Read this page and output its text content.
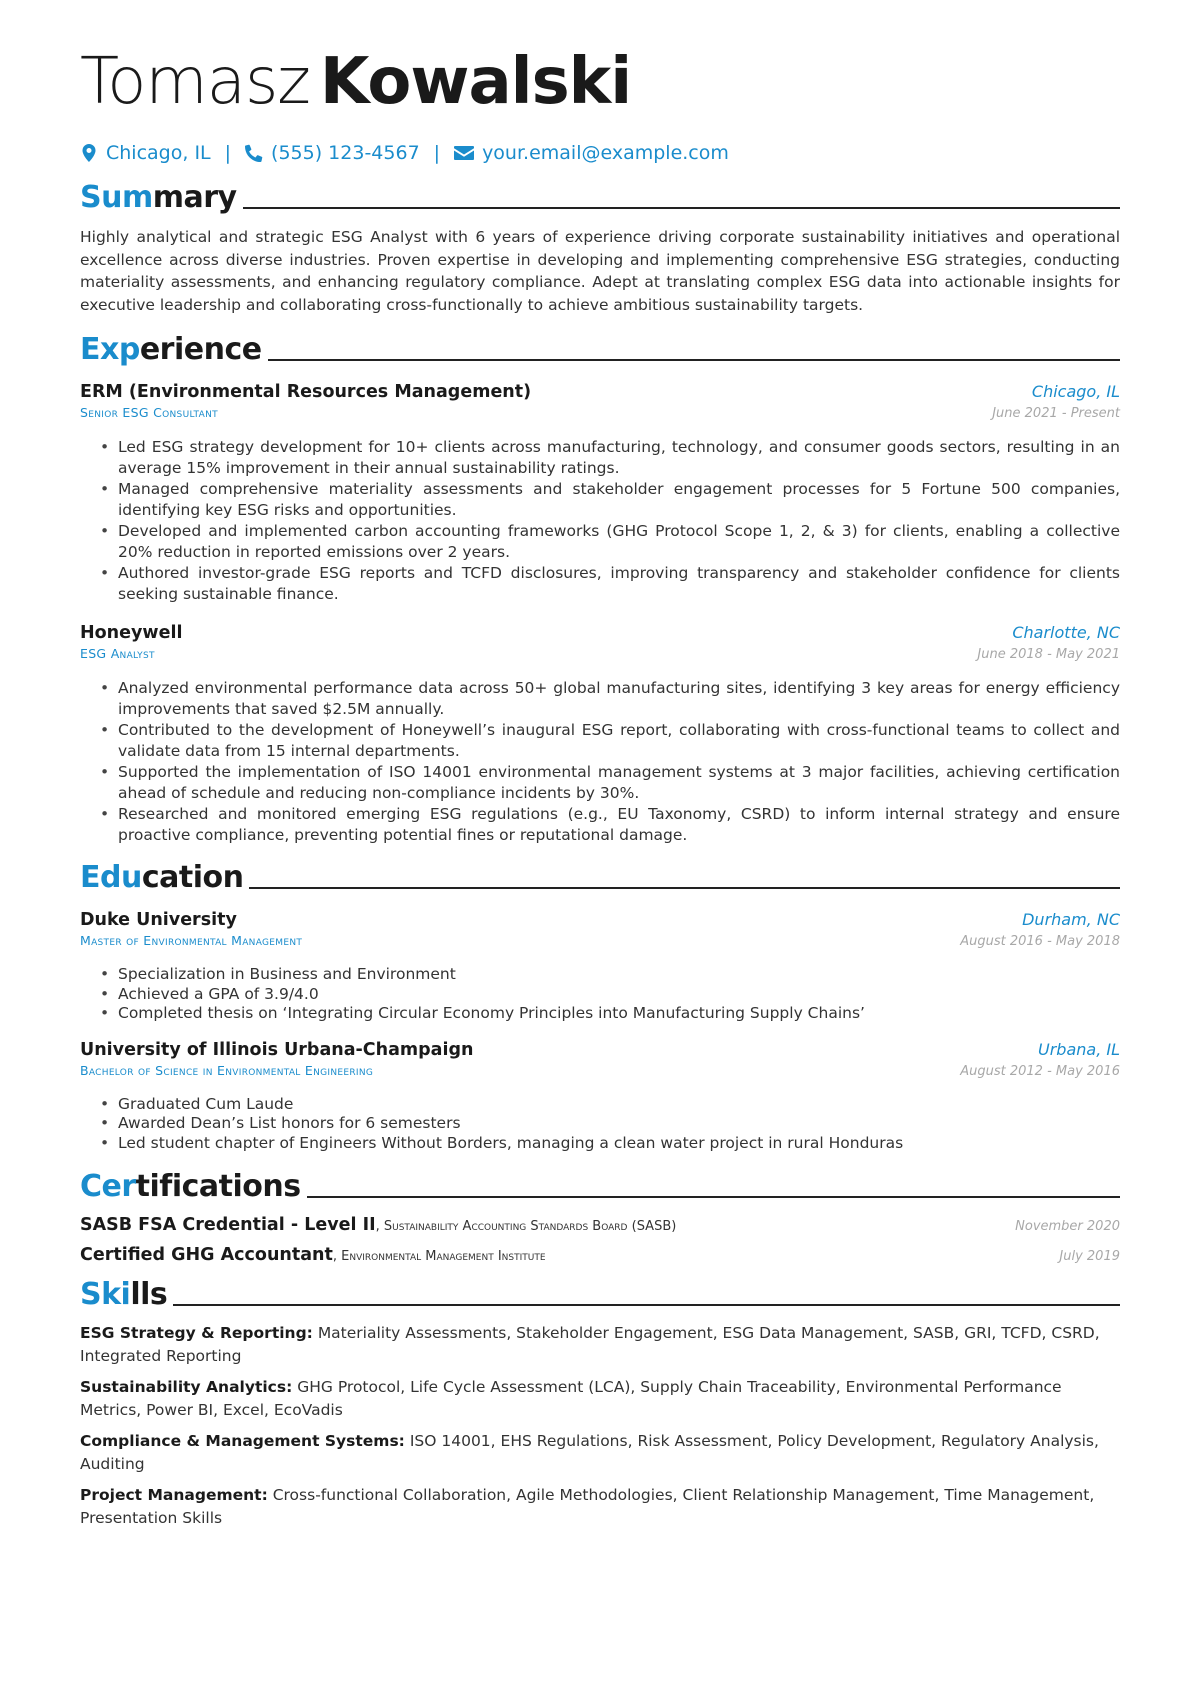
Tomasz Kowalski
Chicago, IL | (555) 123-4567 | your.email@example.com
Summary
Highly analytical and strategic ESG Analyst with 6 years of experience driving corporate sustainability initiatives and operational excellence across diverse industries. Proven expertise in developing and implementing comprehensive ESG strategies, conducting materiality assessments, and enhancing regulatory compliance. Adept at translating complex ESG data into actionable insights for executive leadership and collaborating cross-functionally to achieve ambitious sustainability targets.
Experience
ERM (Environmental Resources Management)	Chicago, IL
Senior ESG Consultant	June 2021 - Present
• Led ESG strategy development for 10+ clients across manufacturing, technology, and consumer goods sectors, resulting in an average 15% improvement in their annual sustainability ratings.
• Managed comprehensive materiality assessments and stakeholder engagement processes for 5 Fortune 500 companies, identifying key ESG risks and opportunities.
• Developed and implemented carbon accounting frameworks (GHG Protocol Scope 1, 2, & 3) for clients, enabling a collective 20% reduction in reported emissions over 2 years.
• Authored investor-grade ESG reports and TCFD disclosures, improving transparency and stakeholder confidence for clients seeking sustainable finance.
Honeywell	Charlotte, NC
ESG Analyst	June 2018 - May 2021
• Analyzed environmental performance data across 50+ global manufacturing sites, identifying 3 key areas for energy efficiency improvements that saved $2.5M annually.
• Contributed to the development of Honeywell’s inaugural ESG report, collaborating with cross-functional teams to collect and validate data from 15 internal departments.
• Supported the implementation of ISO 14001 environmental management systems at 3 major facilities, achieving certification ahead of schedule and reducing non-compliance incidents by 30%.
• Researched and monitored emerging ESG regulations (e.g., EU Taxonomy, CSRD) to inform internal strategy and ensure proactive compliance, preventing potential fines or reputational damage.
Education
Duke University	Durham, NC
Master of Environmental Management	August 2016 - May 2018
• Specialization in Business and Environment
• Achieved a GPA of 3.9/4.0
• Completed thesis on ‘Integrating Circular Economy Principles into Manufacturing Supply Chains’
University of Illinois Urbana-Champaign	Urbana, IL
Bachelor of Science in Environmental Engineering	August 2012 - May 2016
• Graduated Cum Laude
• Awarded Dean’s List honors for 6 semesters
• Led student chapter of Engineers Without Borders, managing a clean water project in rural Honduras
Certifications
SASB FSA Credential - Level II, Sustainability Accounting Standards Board (SASB)	November 2020
Certified GHG Accountant, Environmental Management Institute	July 2019
Skills
ESG Strategy & Reporting: Materiality Assessments, Stakeholder Engagement, ESG Data Management, SASB, GRI, TCFD, CSRD, Integrated Reporting
Sustainability Analytics: GHG Protocol, Life Cycle Assessment (LCA), Supply Chain Traceability, Environmental Performance Metrics, Power BI, Excel, EcoVadis
Compliance & Management Systems: ISO 14001, EHS Regulations, Risk Assessment, Policy Development, Regulatory Analysis, Auditing
Project Management: Cross-functional Collaboration, Agile Methodologies, Client Relationship Management, Time Management, Presentation Skills
